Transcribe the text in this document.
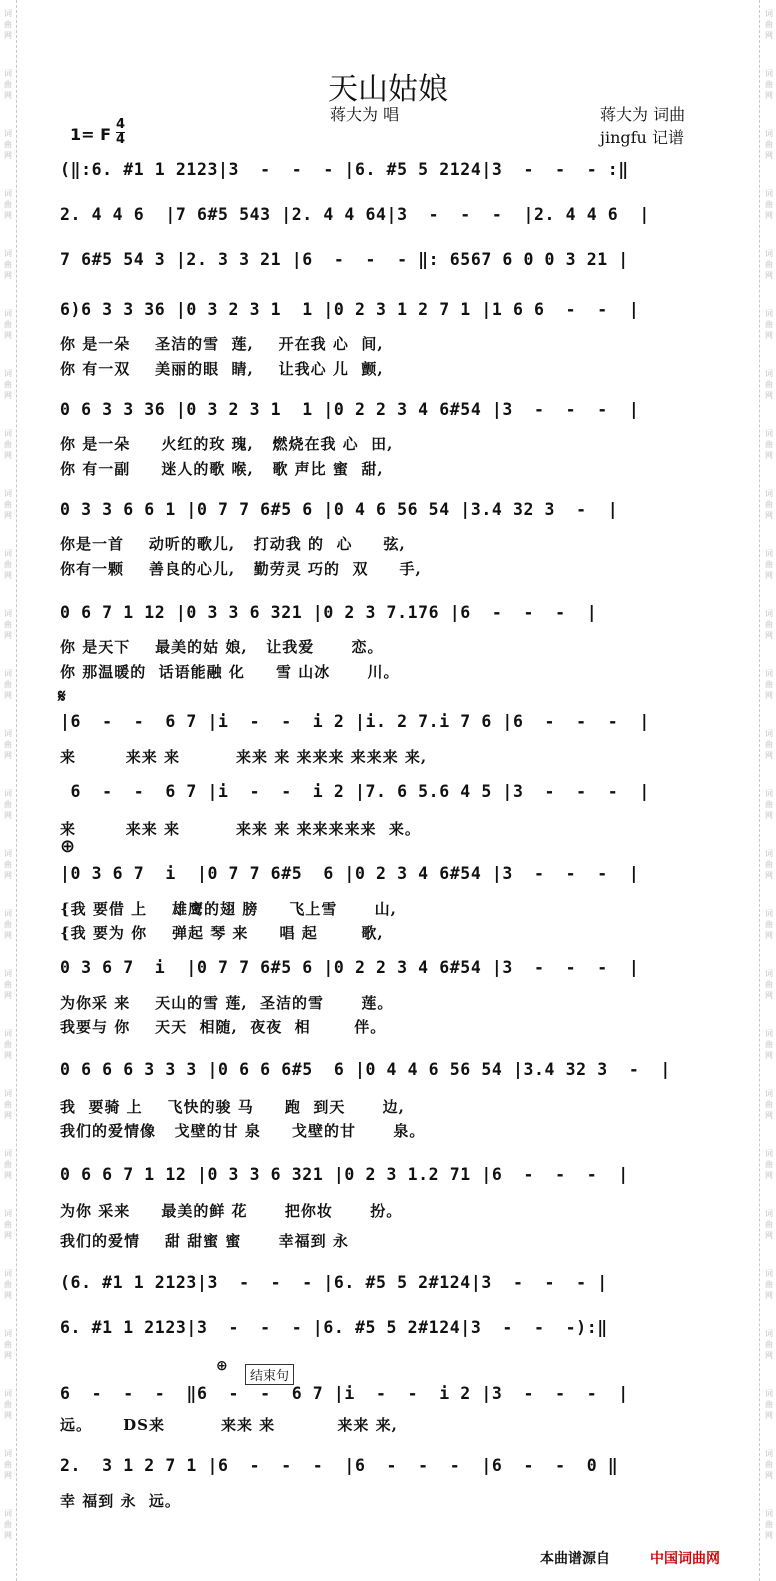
词曲网
词曲网
词曲网
词曲网
词曲网
词曲网
词曲网
词曲网
词曲网
词曲网
词曲网
词曲网
词曲网
词曲网
词曲网
词曲网
词曲网
词曲网
词曲网
词曲网
词曲网
词曲网
词曲网
词曲网
词曲网
词曲网
词曲网
词曲网
词曲网
词曲网
词曲网
词曲网
词曲网
词曲网
词曲网
词曲网
词曲网
词曲网
词曲网
词曲网
词曲网
词曲网
词曲网
词曲网
词曲网
词曲网
词曲网
词曲网
词曲网
词曲网
词曲网
词曲网
天山姑娘
蒋大为 唱	蒋大为 词曲
jingfu 记谱
1= F
4
4
𝄋
⊕
⊕
结束句
(‖:6. #1 1 2123|3  -  -  - |6. #5 5 2124|3  -  -  - :‖
2. 4 4 6  |7 6#5 543 |2. 4 4 64|3  -  -  -  |2. 4 4 6  |
7 6#5 54 3 |2. 3 3 21 |6  -  -  - ‖: 6567 6 0 0 3 21 |
6)6 3 3 36 |0 3 2 3 1  1 |0 2 3 1 2 7 1 |1 6 6  -  -  |
你 是一朵    圣洁的雪  莲,    开在我 心  间,
你 有一双    美丽的眼  睛,    让我心 儿  颤,
0 6 3 3 36 |0 3 2 3 1  1 |0 2 2 3 4 6#54 |3  -  -  -  |
你 是一朵     火红的玫 瑰,   燃烧在我 心  田,
你 有一副     迷人的歌 喉,   歌 声比 蜜  甜,
0 3 3 6 6 1 |0 7 7 6#5 6 |0 4 6 56 54 |3.4 32 3  -  |
你是一首    动听的歌儿,   打动我 的  心     弦,
你有一颗    善良的心儿,   勤劳灵 巧的  双     手,
0 6 7 1 12 |0 3 3 6 321 |0 2 3 7.176 |6  -  -  -  |
你 是天下    最美的姑 娘,   让我爱      恋。
你 那温暖的  话语能融 化     雪 山冰      川。
|6  -  -  6 7 |i  -  -  i 2 |i. 2 7.i 7 6 |6  -  -  -  |
来        来来 来         来来 来 来来来 来来来 来,
6  -  -  6 7 |i  -  -  i 2 |7. 6 5.6 4 5 |3  -  -  -  |
来        来来 来         来来 来 来来来来来  来。
|0 3 6 7  i  |0 7 7 6#5  6 |0 2 3 4 6#54 |3  -  -  -  |
{我 要借 上    雄鹰的翅 膀     飞上雪      山,
{我 要为 你    弹起 琴 来     唱 起       歌,
0 3 6 7  i  |0 7 7 6#5 6 |0 2 2 3 4 6#54 |3  -  -  -  |
为你采 来    天山的雪 莲,  圣洁的雪      莲。
我要与 你    天天  相随,  夜夜  相       伴。
0 6 6 6 3 3 3 |0 6 6 6#5  6 |0 4 4 6 56 54 |3.4 32 3  -  |
我  要骑 上    飞快的骏 马     跑  到天      边,
我们的爱情像   戈壁的甘 泉     戈壁的甘      泉。
0 6 6 7 1 12 |0 3 3 6 321 |0 2 3 1.2 71 |6  -  -  -  |
为你 采来     最美的鲜 花      把你妆      扮。
我们的爱情    甜 甜蜜 蜜      幸福到 永
(6. #1 1 2123|3  -  -  - |6. #5 5 2#124|3  -  -  - |
6. #1 1 2123|3  -  -  - |6. #5 5 2#124|3  -  -  -):‖
6  -  -  -  ‖6  -  -  6 7 |i  -  -  i 2 |3  -  -  -  |
远。     DS来         来来 来          来来 来,
2.  3 1 2 7 1 |6  -  -  -  |6  -  -  -  |6  -  -  0 ‖
幸 福到 永  远。
本曲谱源自	中国词曲网
